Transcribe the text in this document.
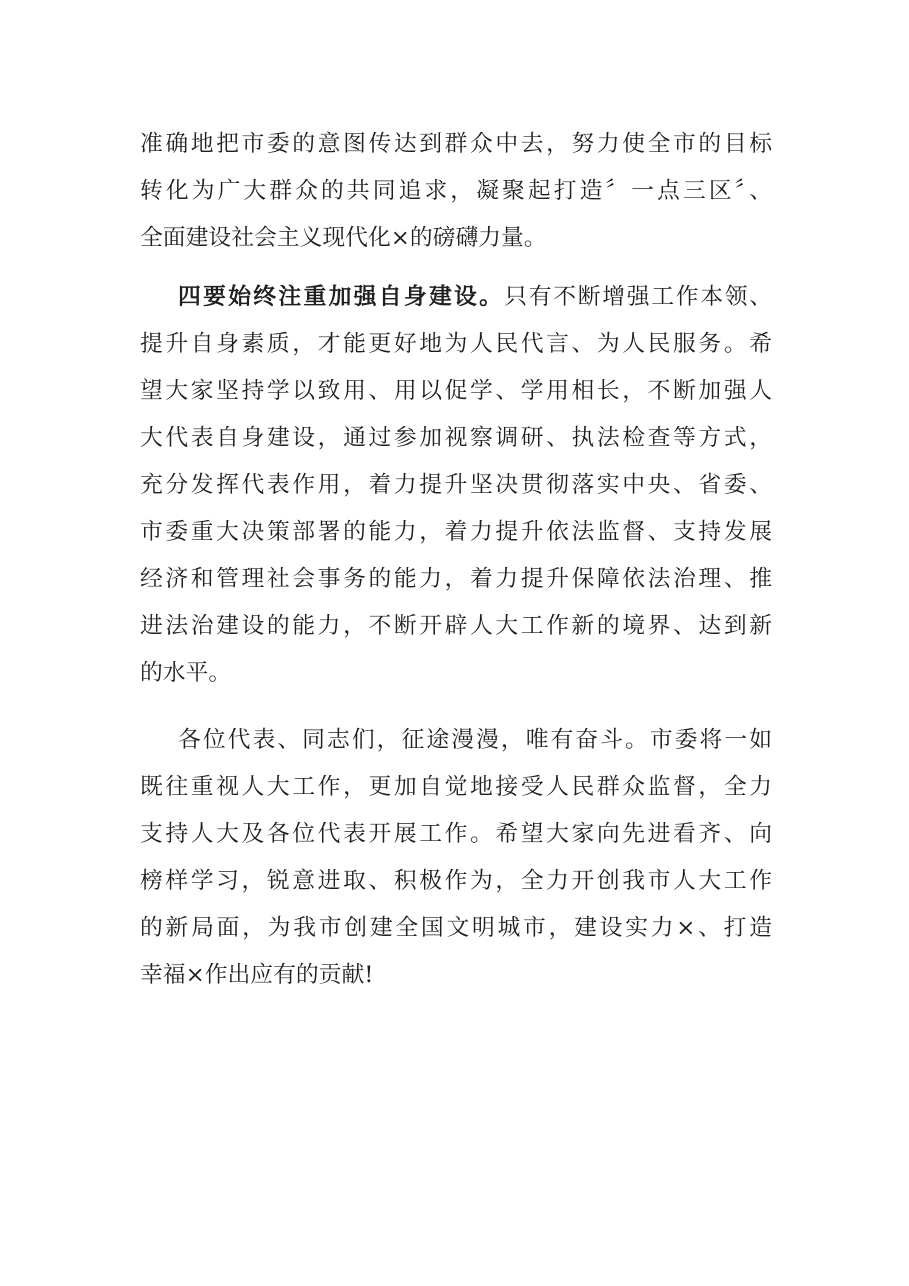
准确地把市委的意图传达到群众中去，努力使全市的目标
转化为广大群众的共同追求，凝聚起打造〞一点三区〞、
全面建设社会主义现代化×的磅礴力量。
四要始终注重加强自身建设。只有不断增强工作本领、
提升自身素质，才能更好地为人民代言、为人民服务。希
望大家坚持学以致用、用以促学、学用相长，不断加强人
大代表自身建设，通过参加视察调研、执法检查等方式，
充分发挥代表作用，着力提升坚决贯彻落实中央、省委、
市委重大决策部署的能力，着力提升依法监督、支持发展
经济和管理社会事务的能力，着力提升保障依法治理、推
进法治建设的能力，不断开辟人大工作新的境界、达到新
的水平。
各位代表、同志们，征途漫漫，唯有奋斗。市委将一如
既往重视人大工作，更加自觉地接受人民群众监督，全力
支持人大及各位代表开展工作。希望大家向先进看齐、向
榜样学习，锐意进取、积极作为，全力开创我市人大工作
的新局面，为我市创建全国文明城市，建设实力×、打造
幸福×作出应有的贡献!
